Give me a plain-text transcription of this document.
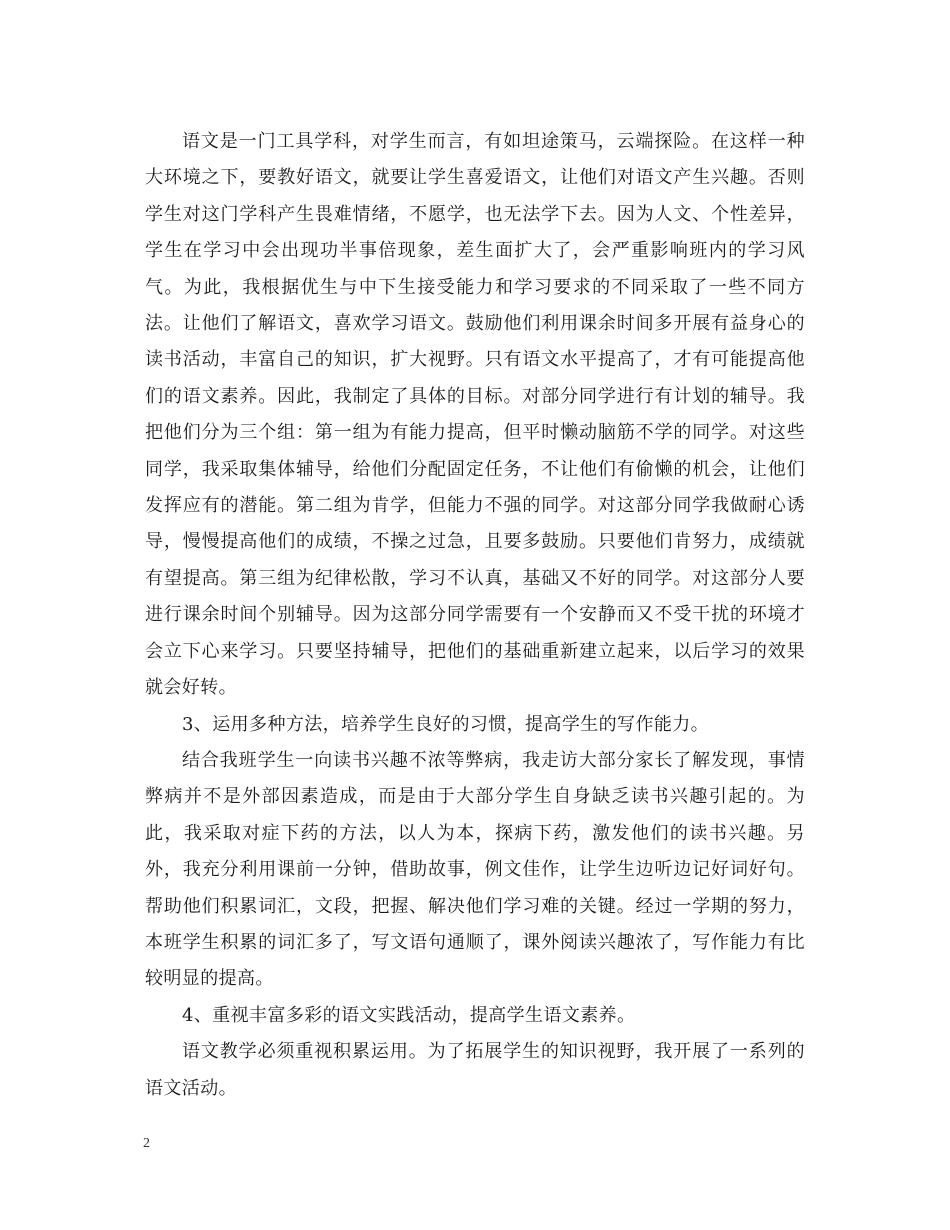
语文是一门工具学科，对学生而言，有如坦途策马，云端探险。在这样一种大环境之下，要教好语文，就要让学生喜爱语文，让他们对语文产生兴趣。否则学生对这门学科产生畏难情绪，不愿学，也无法学下去。因为人文、个性差异，学生在学习中会出现功半事倍现象，差生面扩大了，会严重影响班内的学习风气。为此，我根据优生与中下生接受能力和学习要求的不同采取了一些不同方法。让他们了解语文，喜欢学习语文。鼓励他们利用课余时间多开展有益身心的读书活动，丰富自己的知识，扩大视野。只有语文水平提高了，才有可能提高他们的语文素养。因此，我制定了具体的目标。对部分同学进行有计划的辅导。我把他们分为三个组：第一组为有能力提高，但平时懒动脑筋不学的同学。对这些同学，我采取集体辅导，给他们分配固定任务，不让他们有偷懒的机会，让他们发挥应有的潜能。第二组为肯学，但能力不强的同学。对这部分同学我做耐心诱导，慢慢提高他们的成绩，不操之过急，且要多鼓励。只要他们肯努力，成绩就有望提高。第三组为纪律松散，学习不认真，基础又不好的同学。对这部分人要进行课余时间个别辅导。因为这部分同学需要有一个安静而又不受干扰的环境才会立下心来学习。只要坚持辅导，把他们的基础重新建立起来，以后学习的效果就会好转。

3、运用多种方法，培养学生良好的习惯，提高学生的写作能力。

结合我班学生一向读书兴趣不浓等弊病，我走访大部分家长了解发现，事情弊病并不是外部因素造成，而是由于大部分学生自身缺乏读书兴趣引起的。为此，我采取对症下药的方法，以人为本，探病下药，激发他们的读书兴趣。另外，我充分利用课前一分钟，借助故事，例文佳作，让学生边听边记好词好句。帮助他们积累词汇，文段，把握、解决他们学习难的关键。经过一学期的努力，本班学生积累的词汇多了，写文语句通顺了，课外阅读兴趣浓了，写作能力有比较明显的提高。

4、重视丰富多彩的语文实践活动，提高学生语文素养。

语文教学必须重视积累运用。为了拓展学生的知识视野，我开展了一系列的语文活动。

2
